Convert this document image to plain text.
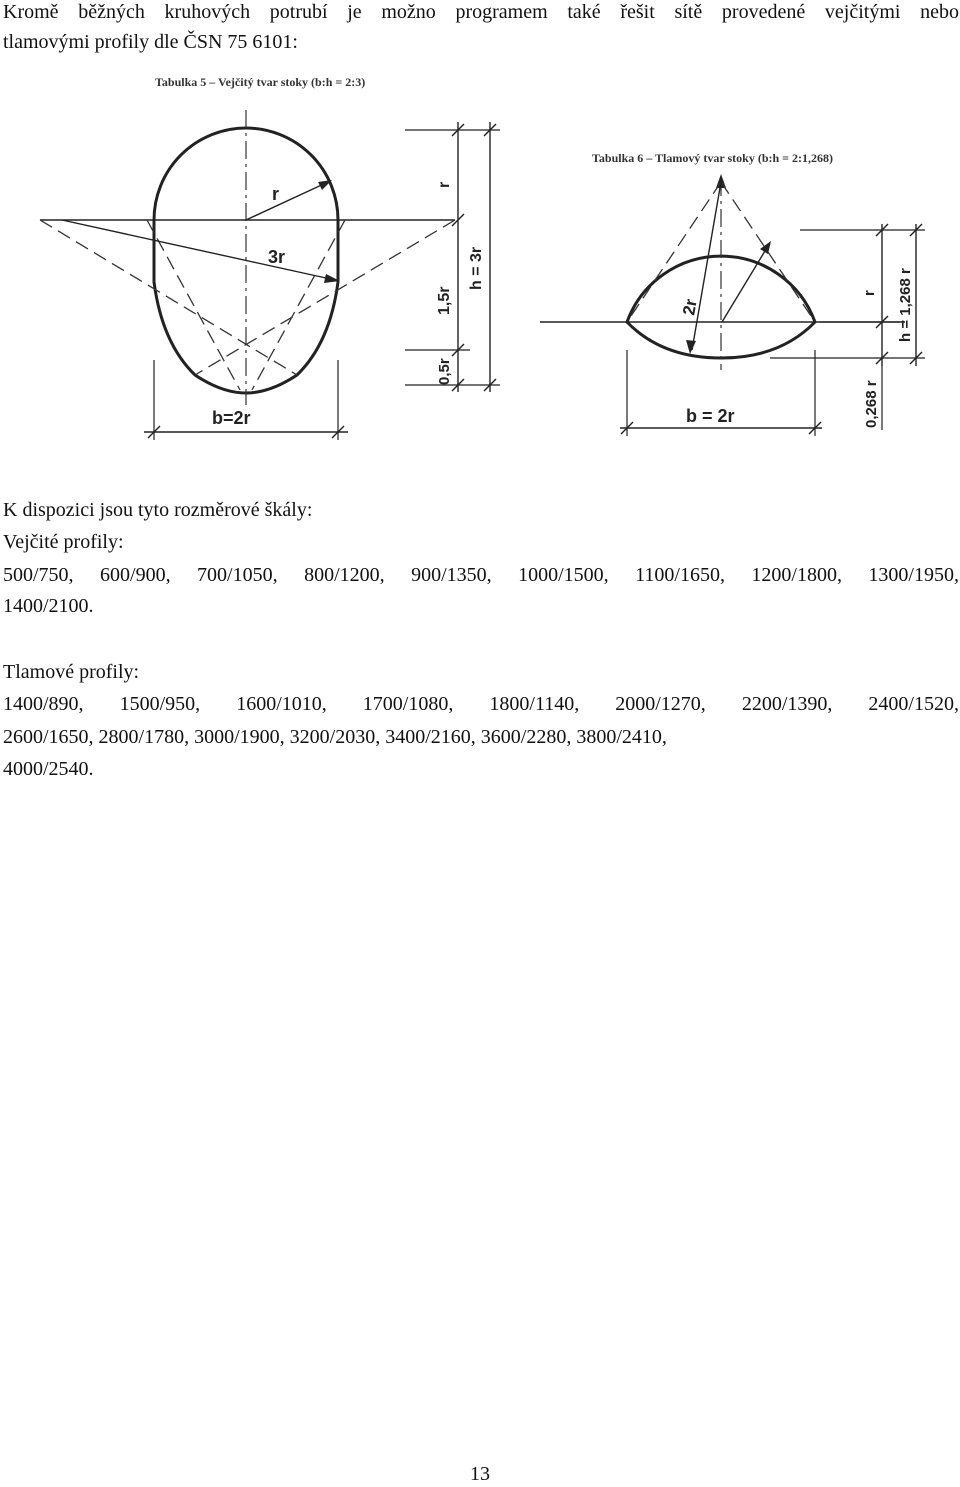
Kromě běžných kruhových potrubí je možno programem také řešit sítě provedené vejčitými nebo

tlamovými profily dle ČSN 75 6101:

Tabulka 5 – Vejčitý tvar stoky (b:h = 2:3)
r
3r
b=2r
r
h = 3r
1,5r
0,5r
Tabulka 6 – Tlamový tvar stoky (b:h = 2:1,268)
2r
b = 2r
r h = 1,268 r
0,268 r

K dispozici jsou tyto rozměrové škály:

Vejčité profily:

500/750, 600/900, 700/1050, 800/1200, 900/1350, 1000/1500, 1100/1650, 1200/1800, 1300/1950,

1400/2100.

Tlamové profily:

1400/890, 1500/950, 1600/1010, 1700/1080, 1800/1140, 2000/1270, 2200/1390, 2400/1520,

2600/1650, 2800/1780, 3000/1900, 3200/2030, 3400/2160, 3600/2280, 3800/2410,

4000/2540.

13
